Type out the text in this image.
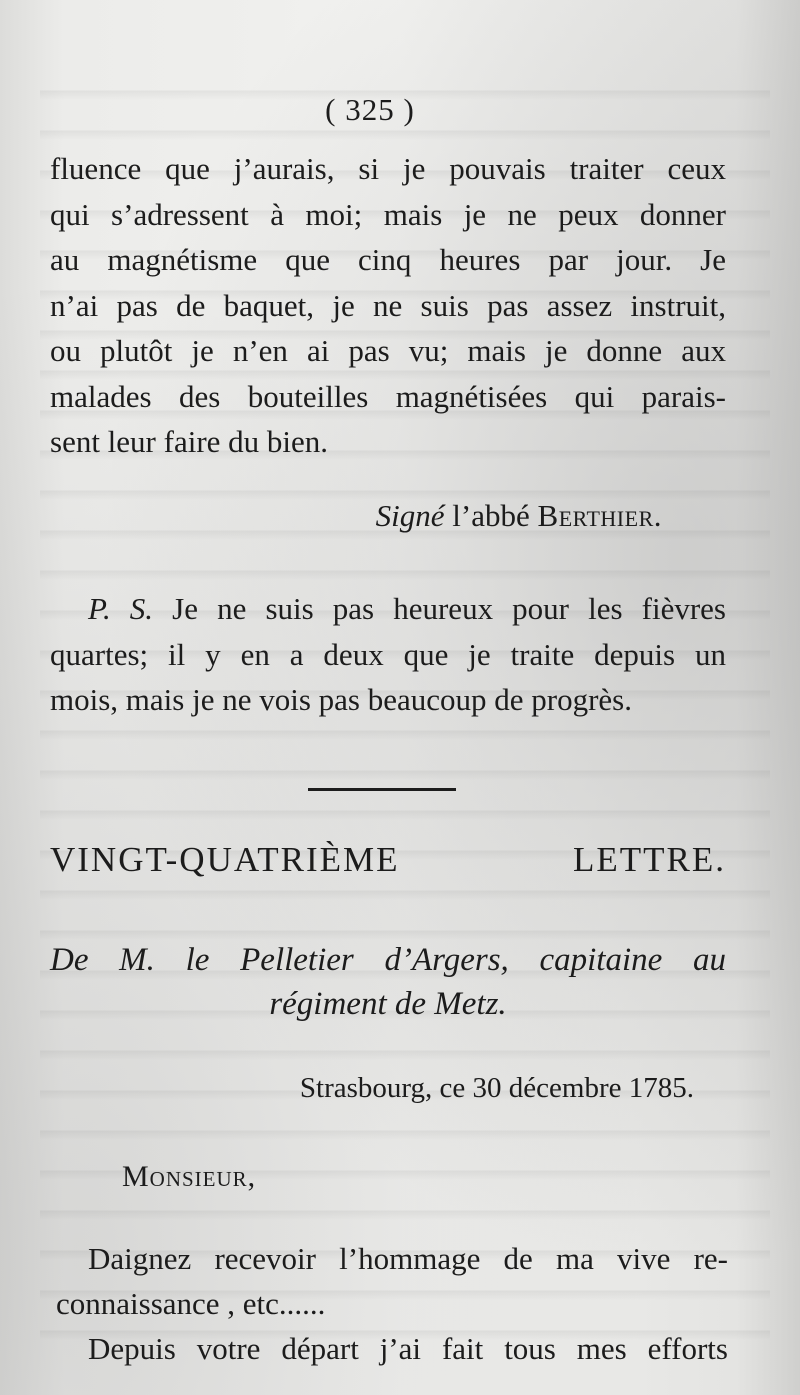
( 325 )
fluence que j’aurais, si je pouvais traiter ceux
qui s’adressent à moi; mais je ne peux donner
au magnétisme que cinq heures par jour. Je
n’ai pas de baquet, je ne suis pas assez instruit,
ou plutôt je n’en ai pas vu; mais je donne aux
malades des bouteilles magnétisées qui parais-
sent leur faire du bien.
Signé l’abbé Berthier.
P. S. Je ne suis pas heureux pour les fièvres
quartes; il y en a deux que je traite depuis un
mois, mais je ne vois pas beaucoup de progrès.
VINGT-QUATRIÈME LETTRE.
De M. le Pelletier d’Argers, capitaine au
régiment de Metz.
Strasbourg, ce 30 décembre 1785.
Monsieur,
Daignez recevoir l’hommage de ma vive re-
connaissance , etc......
Depuis votre départ j’ai fait tous mes efforts
